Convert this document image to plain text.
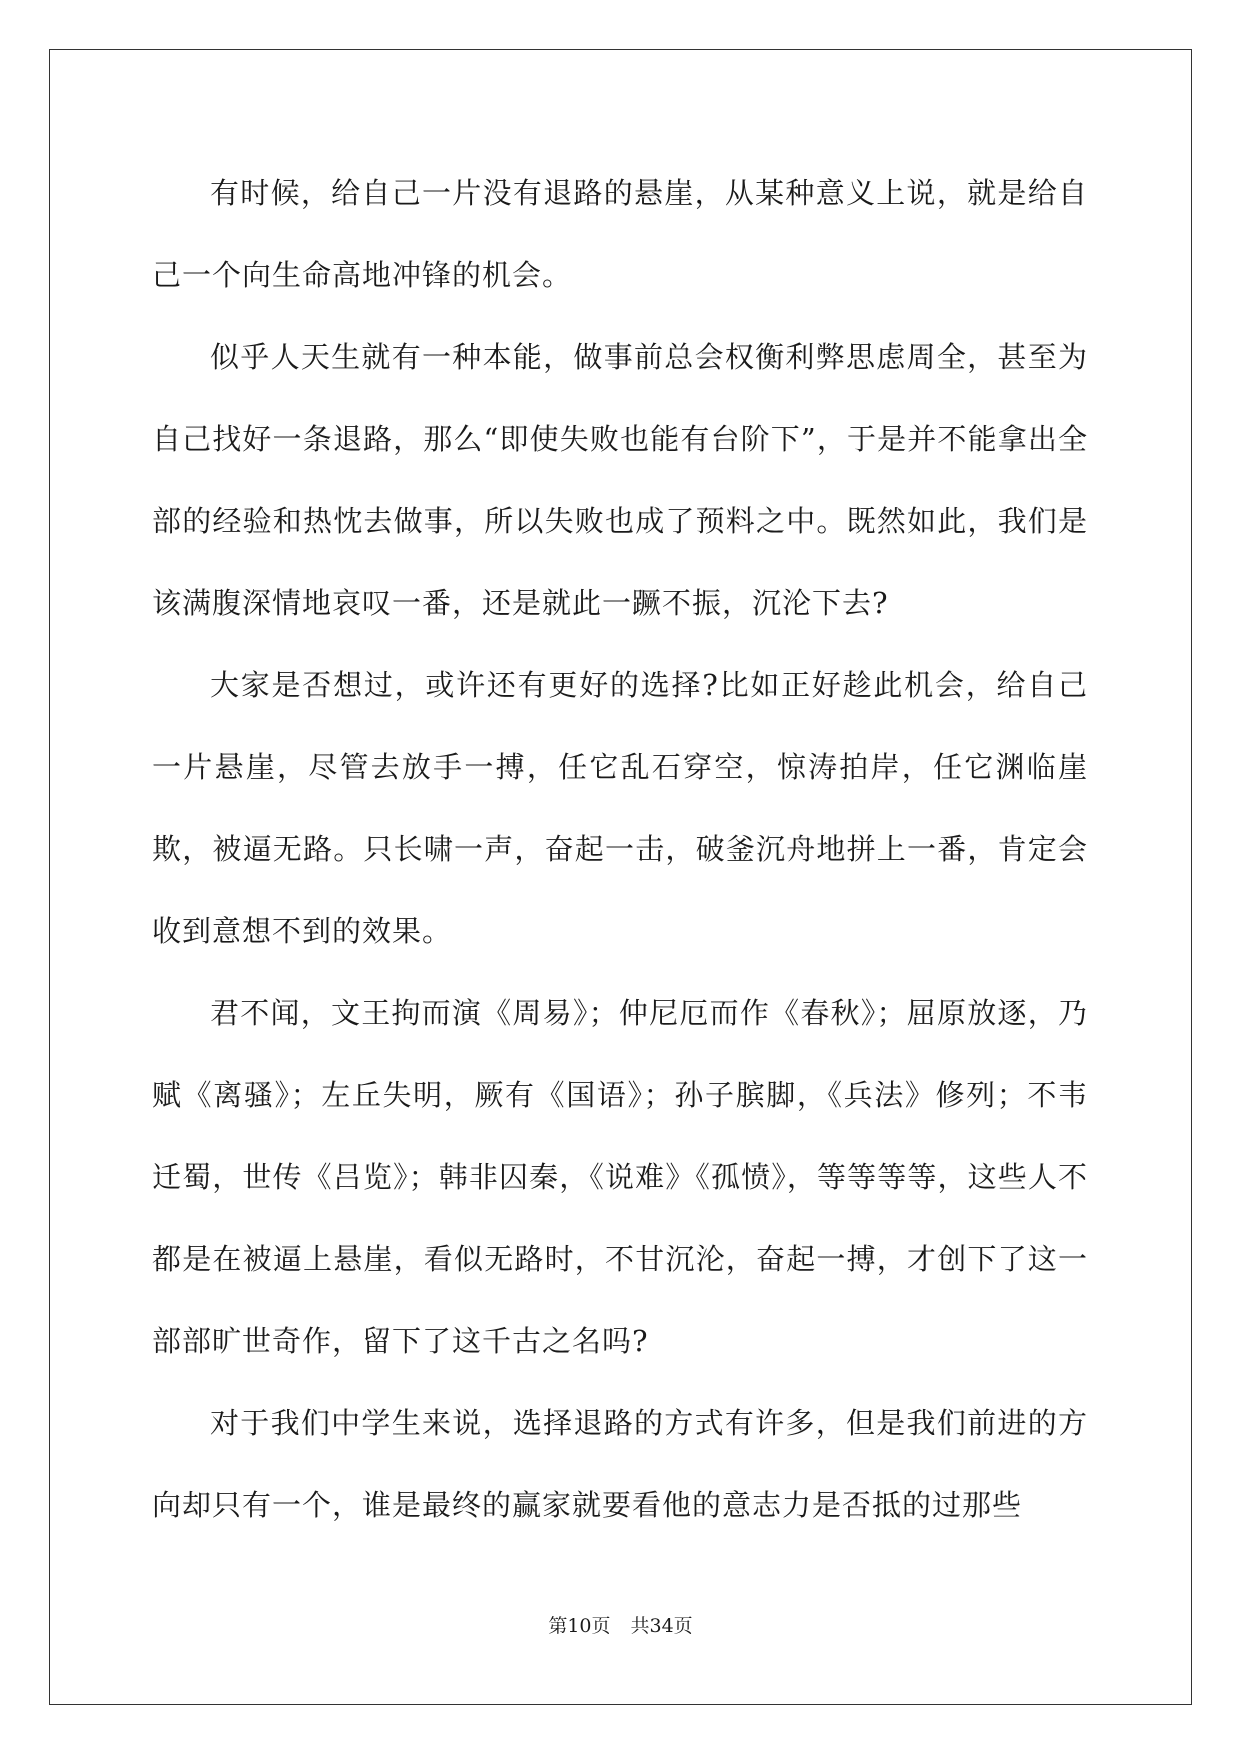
有时候，给自己一片没有退路的悬崖，从某种意义上说，就是给自己一个向生命高地冲锋的机会。

似乎人天生就有一种本能，做事前总会权衡利弊思虑周全，甚至为自己找好一条退路，那么“即使失败也能有台阶下”，于是并不能拿出全部的经验和热忱去做事，所以失败也成了预料之中。既然如此，我们是该满腹深情地哀叹一番，还是就此一蹶不振，沉沦下去?

大家是否想过，或许还有更好的选择?比如正好趁此机会，给自己一片悬崖，尽管去放手一搏，任它乱石穿空，惊涛拍岸，任它渊临崖欺，被逼无路。只长啸一声，奋起一击，破釜沉舟地拼上一番，肯定会收到意想不到的效果。

君不闻，文王拘而演《周易》；仲尼厄而作《春秋》；屈原放逐，乃赋《离骚》；左丘失明，厥有《国语》；孙子膑脚，《兵法》修列；不韦迁蜀，世传《吕览》；韩非囚秦，《说难》《孤愤》，等等等等，这些人不都是在被逼上悬崖，看似无路时，不甘沉沦，奋起一搏，才创下了这一部部旷世奇作，留下了这千古之名吗?

对于我们中学生来说，选择退路的方式有许多，但是我们前进的方向却只有一个，谁是最终的赢家就要看他的意志力是否抵的过那些

第10页 共34页
